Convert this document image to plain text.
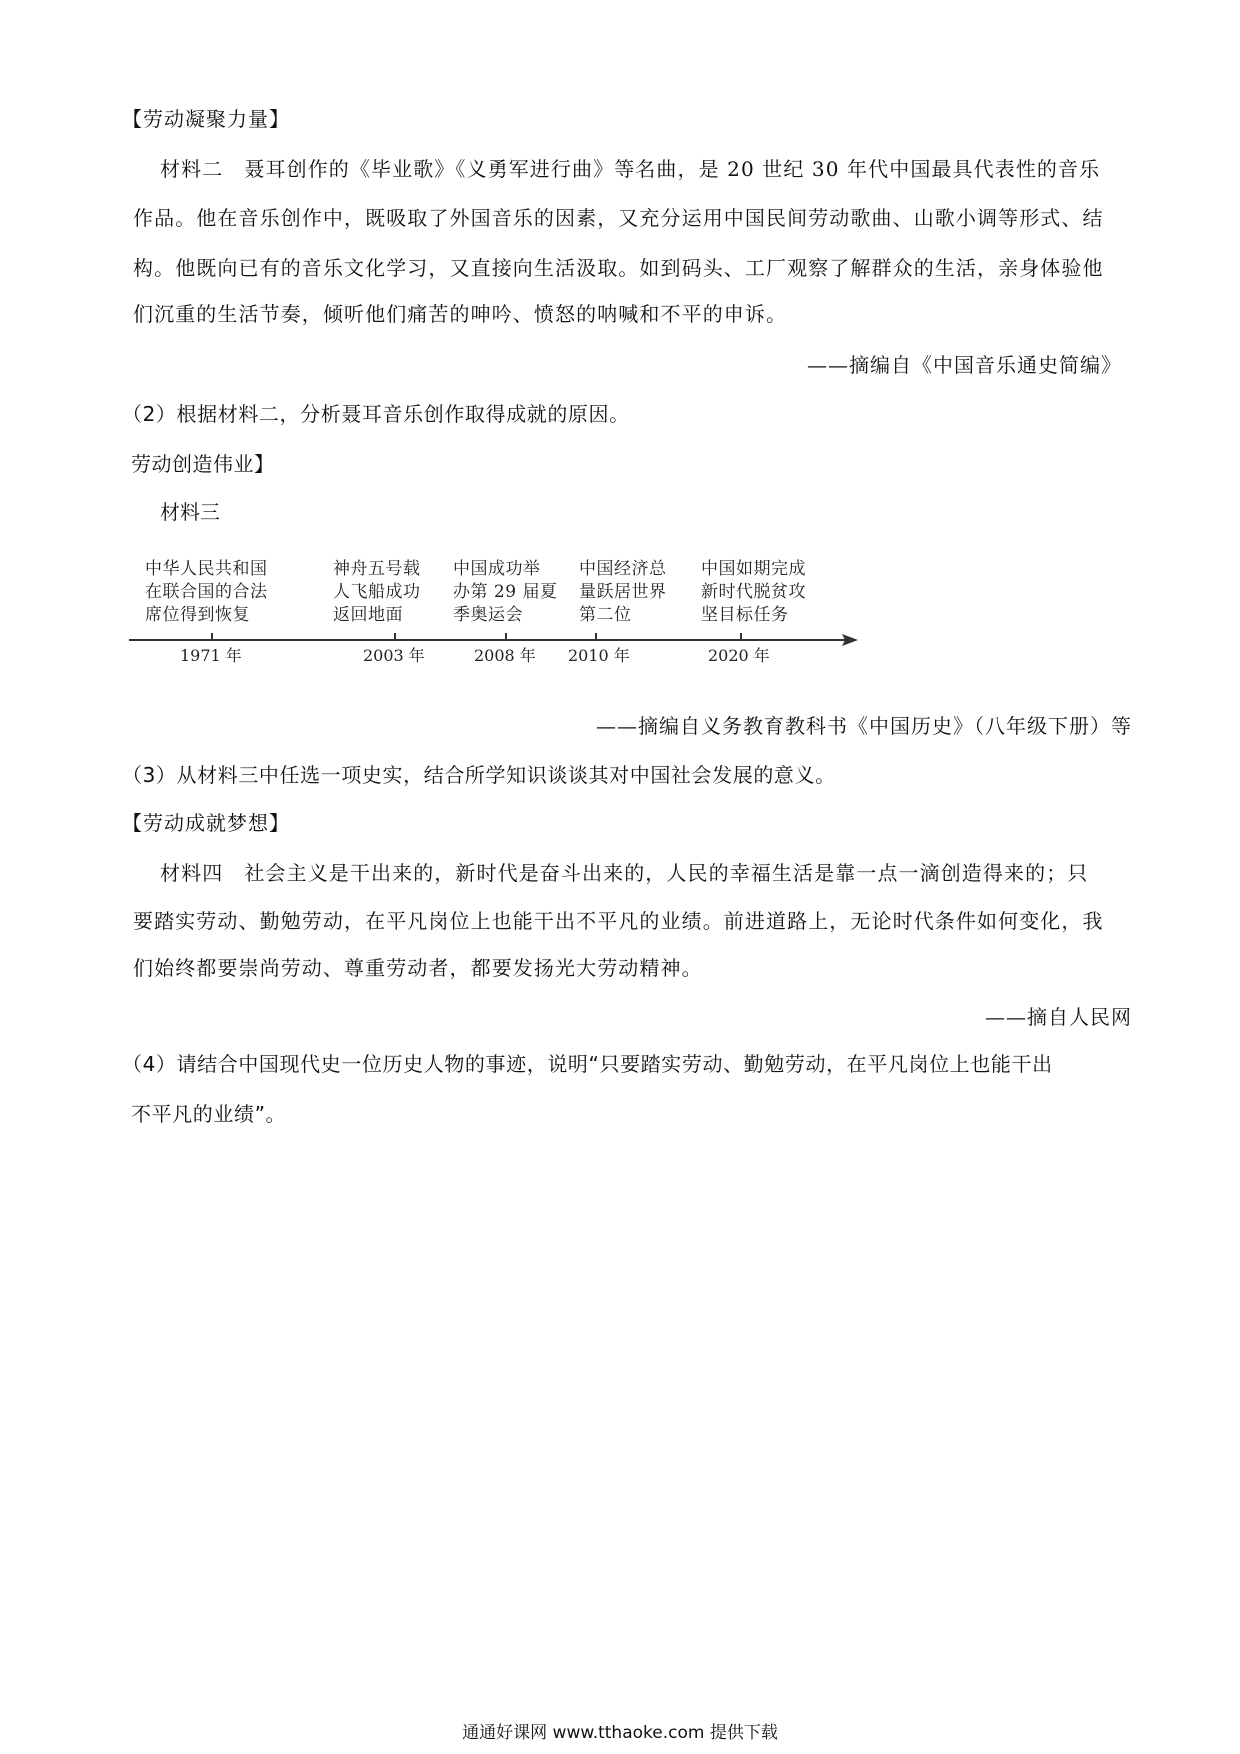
【劳动凝聚力量】
材料二　聂耳创作的《毕业歌》《义勇军进行曲》等名曲，是 20 世纪 30 年代中国最具代表性的音乐
作品。他在音乐创作中，既吸取了外国音乐的因素，又充分运用中国民间劳动歌曲、山歌小调等形式、结
构。他既向已有的音乐文化学习，又直接向生活汲取。如到码头、工厂观察了解群众的生活，亲身体验他
们沉重的生活节奏，倾听他们痛苦的呻吟、愤怒的呐喊和不平的申诉。
——摘编自《中国音乐通史简编》
（2）根据材料二，分析聂耳音乐创作取得成就的原因。
劳动创造伟业】
材料三
中华人民共和国
在联合国的合法
席位得到恢复
神舟五号载
人飞船成功
返回地面
中国成功举
办第 29 届夏
季奥运会
中国经济总
量跃居世界
第二位
中国如期完成
新时代脱贫攻
坚目标任务
1971 年	2003 年	2008 年 2010 年	2020 年
——摘编自义务教育教科书《中国历史》（八年级下册）等
（3）从材料三中任选一项史实，结合所学知识谈谈其对中国社会发展的意义。
【劳动成就梦想】
材料四　社会主义是干出来的，新时代是奋斗出来的，人民的幸福生活是靠一点一滴创造得来的；只
要踏实劳动、勤勉劳动，在平凡岗位上也能干出不平凡的业绩。前进道路上，无论时代条件如何变化，我
们始终都要崇尚劳动、尊重劳动者，都要发扬光大劳动精神。
——摘自人民网
（4）请结合中国现代史一位历史人物的事迹，说明“只要踏实劳动、勤勉劳动，在平凡岗位上也能干出
不平凡的业绩”。
通通好课网 www.tthaoke.com 提供下载
